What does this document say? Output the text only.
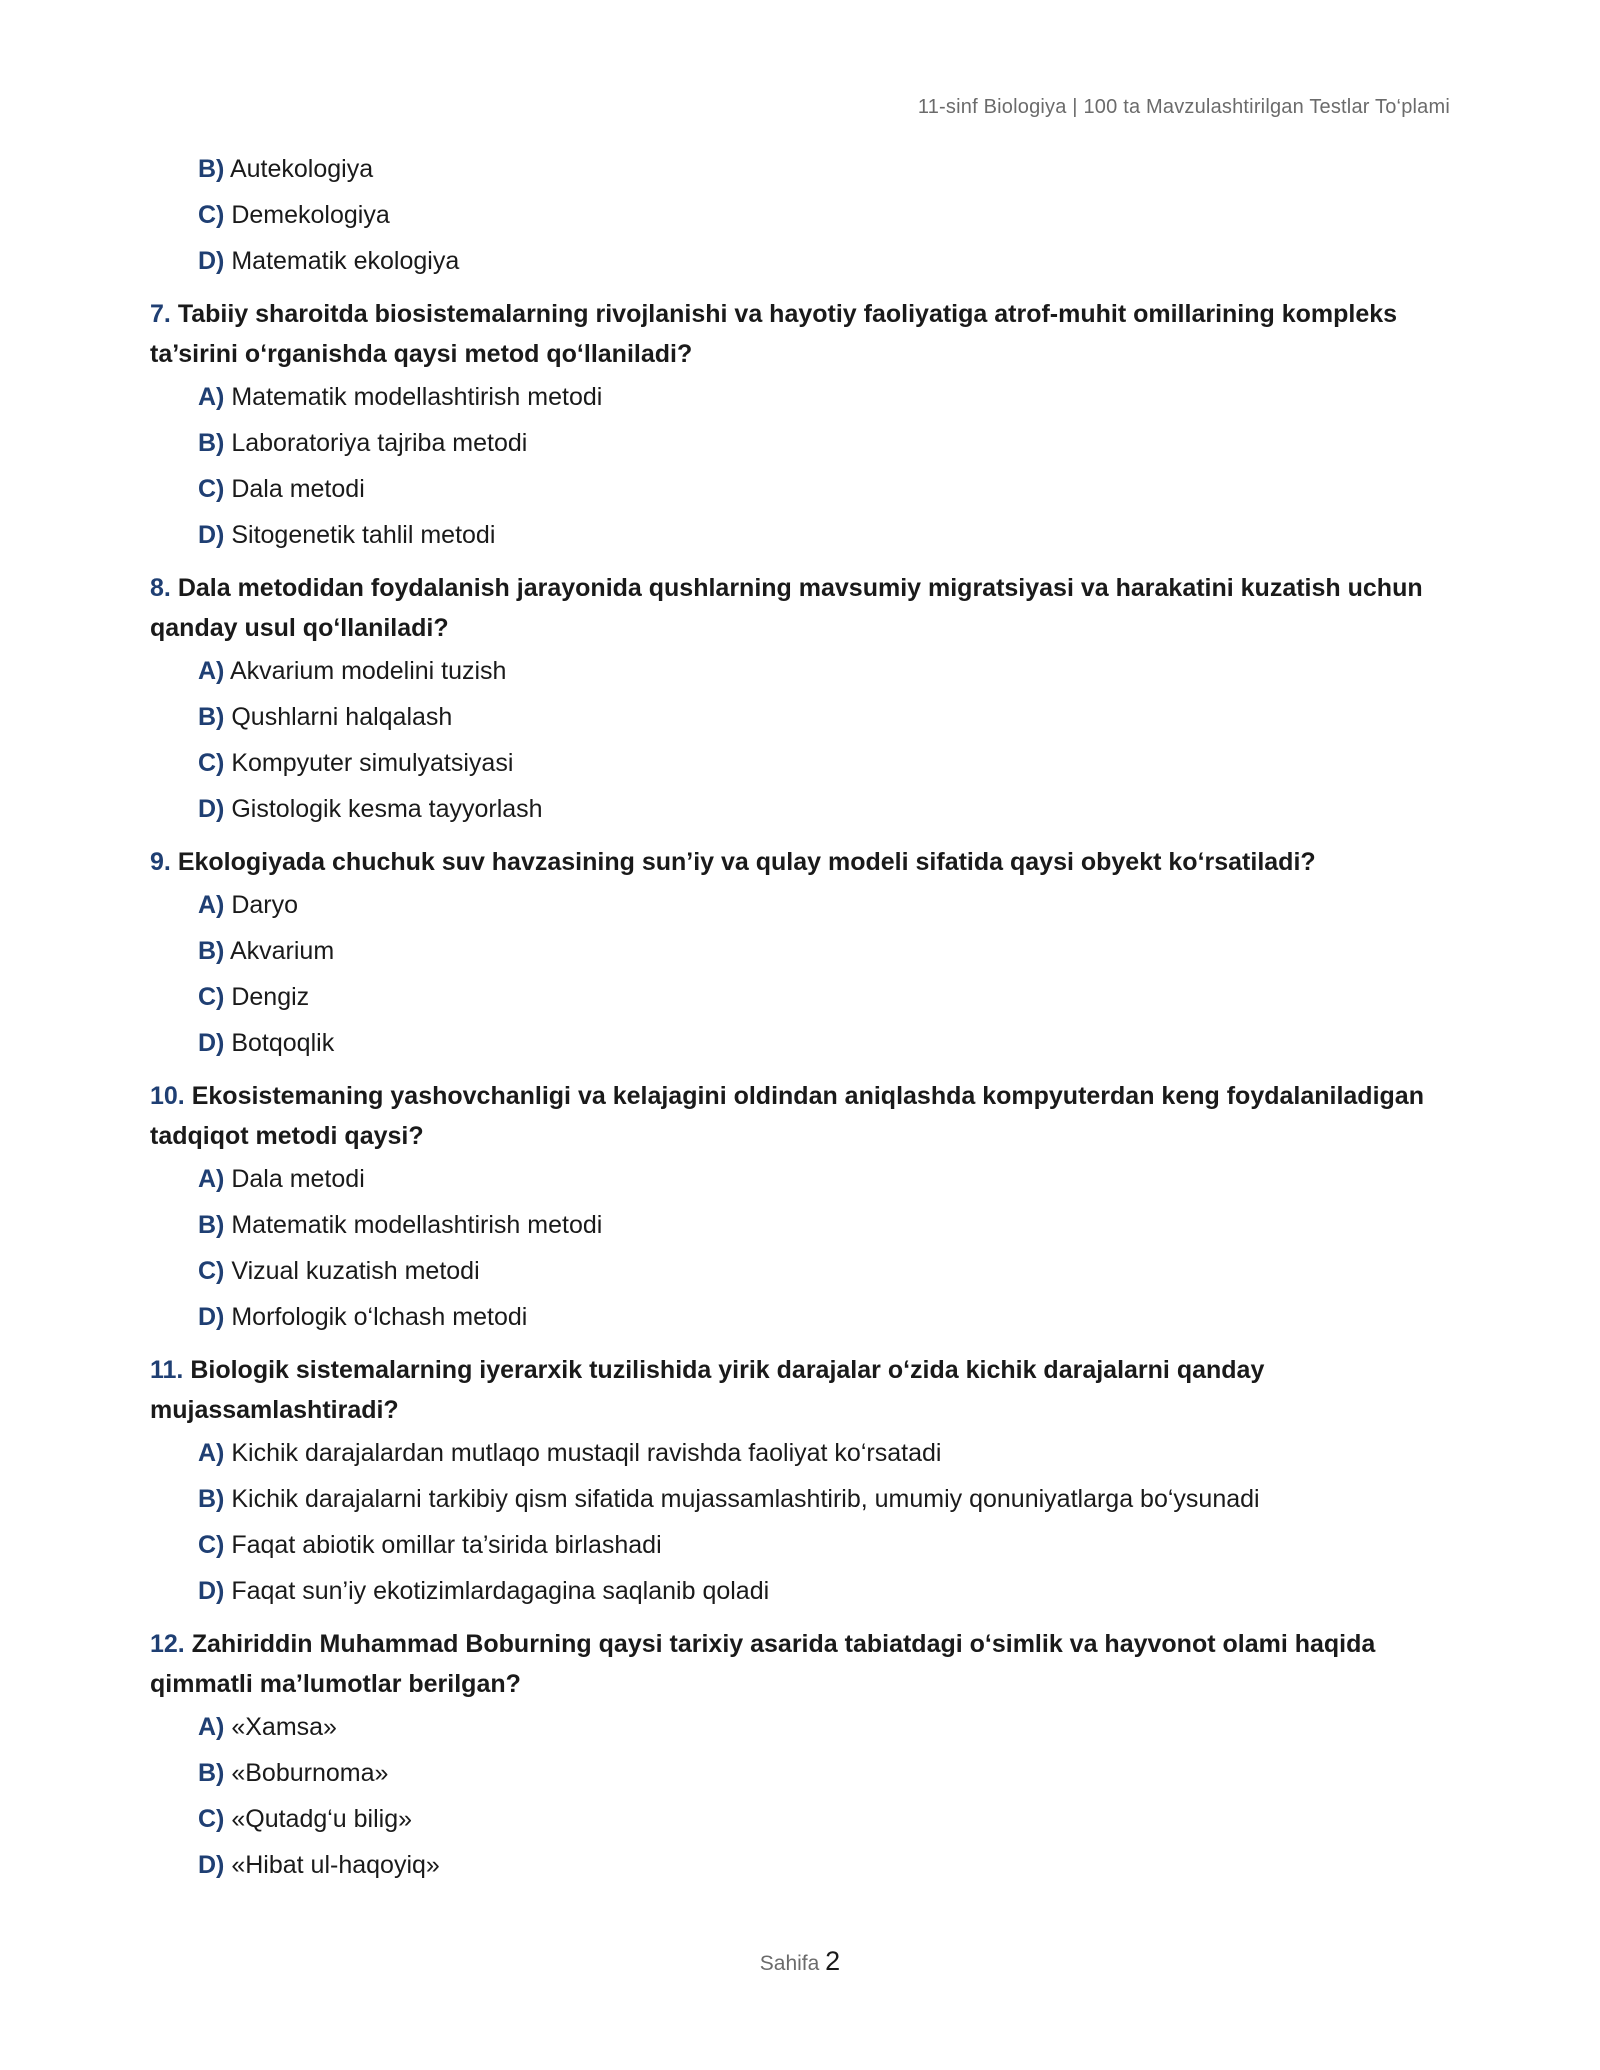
11-sinf Biologiya | 100 ta Mavzulashtirilgan Testlar To‘plami
B) Autekologiya
C) Demekologiya
D) Matematik ekologiya
7. Tabiiy sharoitda biosistemalarning rivojlanishi va hayotiy faoliyatiga atrof-muhit omillarining kompleks ta’sirini o‘rganishda qaysi metod qo‘llaniladi?
A) Matematik modellashtirish metodi
B) Laboratoriya tajriba metodi
C) Dala metodi
D) Sitogenetik tahlil metodi
8. Dala metodidan foydalanish jarayonida qushlarning mavsumiy migratsiyasi va harakatini kuzatish uchun qanday usul qo‘llaniladi?
A) Akvarium modelini tuzish
B) Qushlarni halqalash
C) Kompyuter simulyatsiyasi
D) Gistologik kesma tayyorlash
9. Ekologiyada chuchuk suv havzasining sun’iy va qulay modeli sifatida qaysi obyekt ko‘rsatiladi?
A) Daryo
B) Akvarium
C) Dengiz
D) Botqoqlik
10. Ekosistemaning yashovchanligi va kelajagini oldindan aniqlashda kompyuterdan keng foydalaniladigan tadqiqot metodi qaysi?
A) Dala metodi
B) Matematik modellashtirish metodi
C) Vizual kuzatish metodi
D) Morfologik o‘lchash metodi
11. Biologik sistemalarning iyerarxik tuzilishida yirik darajalar o‘zida kichik darajalarni qanday mujassamlashtiradi?
A) Kichik darajalardan mutlaqo mustaqil ravishda faoliyat ko‘rsatadi
B) Kichik darajalarni tarkibiy qism sifatida mujassamlashtirib, umumiy qonuniyatlarga bo‘ysunadi
C) Faqat abiotik omillar ta’sirida birlashadi
D) Faqat sun’iy ekotizimlardagagina saqlanib qoladi
12. Zahiriddin Muhammad Boburning qaysi tarixiy asarida tabiatdagi o‘simlik va hayvonot olami haqida qimmatli ma’lumotlar berilgan?
A) «Xamsa»
B) «Boburnoma»
C) «Qutadg‘u bilig»
D) «Hibat ul-haqoyiq»
Sahifa 2
